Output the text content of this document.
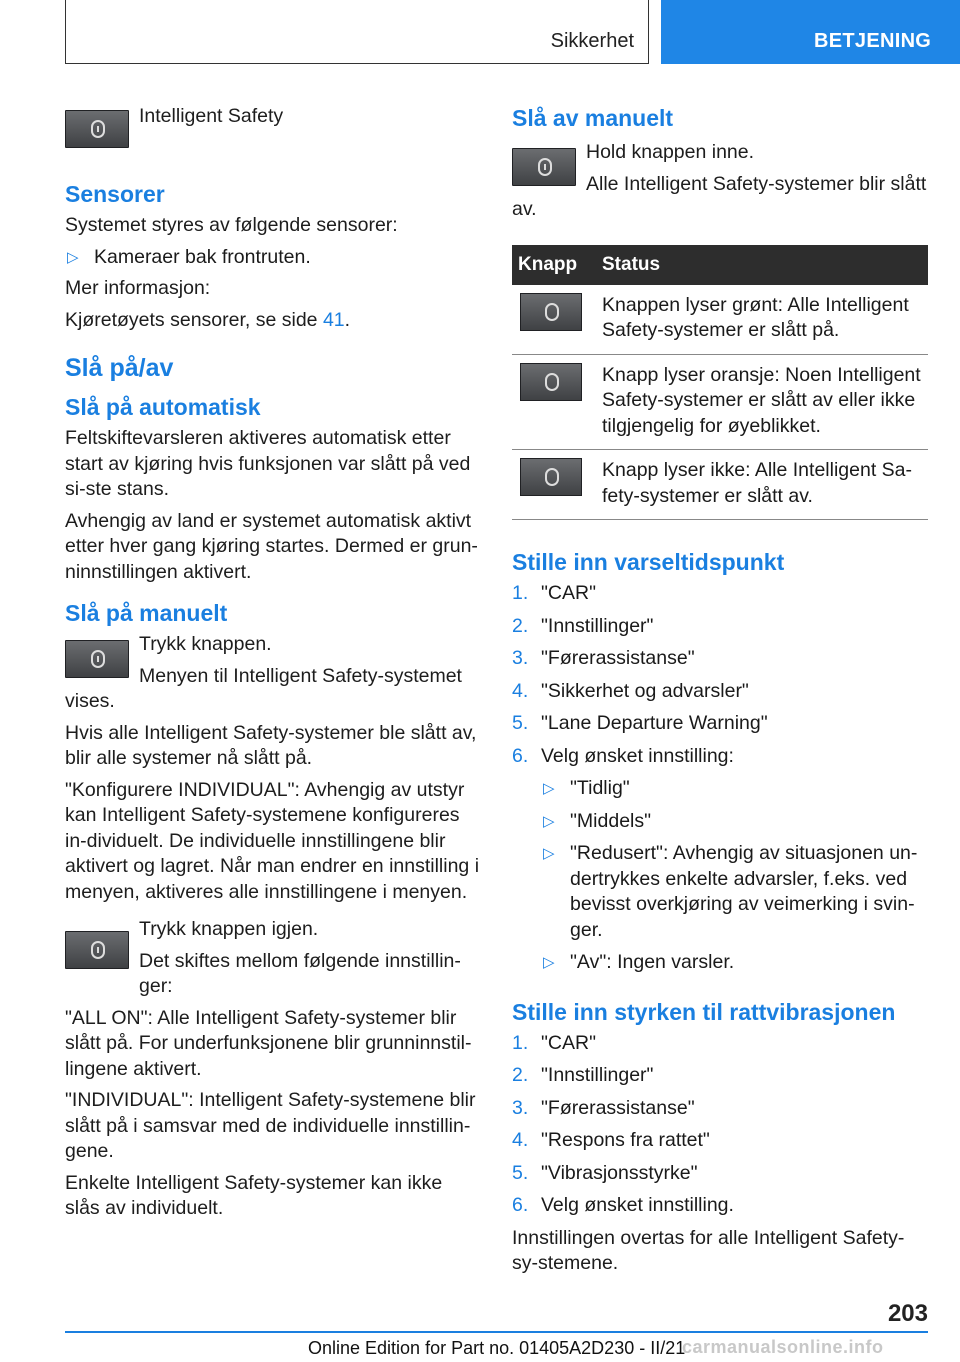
Sikkerhet	BETJENING

Intelligent Safety

Sensorer

Systemet styres av følgende sensorer:

▷ Kameraer bak frontruten.

Mer informasjon:

Kjøretøyets sensorer, se side 41.

Slå på/av
Slå på automatisk

Feltskiftevarsleren aktiveres automatisk etter start av kjøring hvis funksjonen var slått på ved si-ste stans.

Avhengig av land er systemet automatisk aktivt etter hver gang kjøring startes. Dermed er grun-ninnstillingen aktivert.

Slå på manuelt

Trykk knappen.

Menyen til Intelligent Safety-systemet vises.

Hvis alle Intelligent Safety-systemer ble slått av, blir alle systemer nå slått på.

"Konfigurere INDIVIDUAL": Avhengig av utstyr kan Intelligent Safety-systemene konfigureres in-dividuelt. De individuelle innstillingene blir aktivert og lagret. Når man endrer en innstilling i menyen, aktiveres alle innstillingene i menyen.

Trykk knappen igjen.

Det skiftes mellom følgende innstillin-ger:

"ALL ON": Alle Intelligent Safety-systemer blir slått på. For underfunksjonene blir grunninnstil-lingene aktivert.

"INDIVIDUAL": Intelligent Safety-systemene blir slått på i samsvar med de individuelle innstillin-gene.

Enkelte Intelligent Safety-systemer kan ikke slås av individuelt.

Slå av manuelt

Hold knappen inne.

Alle Intelligent Safety-systemer blir slått av.

Knapp	Status

	Knappen lyser grønt: Alle Intelligent Safety-systemer er slått på.

	Knapp lyser oransje: Noen Intelligent Safety-systemer er slått av eller ikke tilgjengelig for øyeblikket.

	Knapp lyser ikke: Alle Intelligent Sa-fety-systemer er slått av.
Stille inn varseltidspunkt
1. "CAR"
2. "Innstillinger"
3. "Førerassistanse"
4. "Sikkerhet og advarsler"
5. "Lane Departure Warning"
6. Velg ønsket innstilling:
▷ "Tidlig"
▷ "Middels"
▷ "Redusert": Avhengig av situasjonen un-dertrykkes enkelte advarsler, f.eks. ved bevisst overkjøring av veimerking i svin-ger.
▷ "Av": Ingen varsler.
Stille inn styrken til rattvibrasjonen
1. "CAR"
2. "Innstillinger"
3. "Førerassistanse"
4. "Respons fra rattet"
5. "Vibrasjonsstyrke"
6. Velg ønsket innstilling.

Innstillingen overtas for alle Intelligent Safety-sy-stemene.

203
Online Edition for Part no. 01405A2D230 - II/21
carmanualsonline.info
